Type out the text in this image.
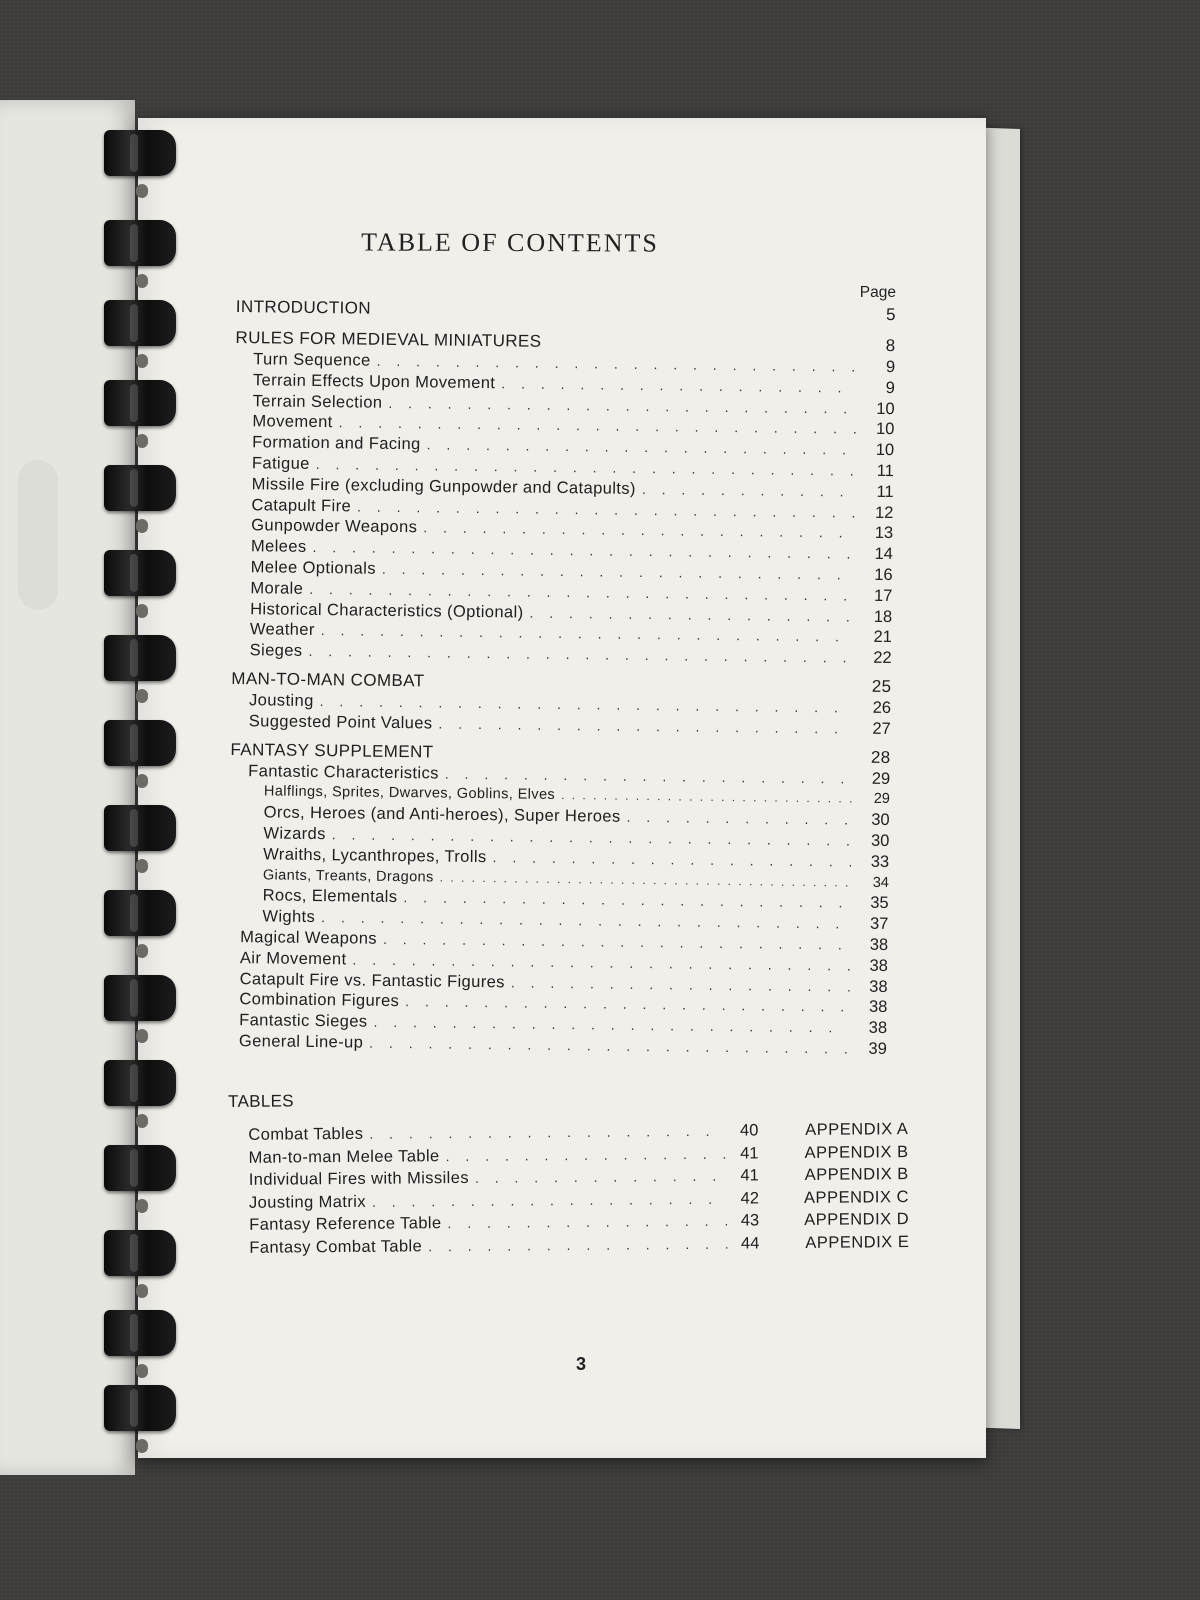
TABLE OF CONTENTS
Page
INTRODUCTION	5
RULES FOR MEDIEVAL MINIATURES	8
Turn Sequence . . .	9
Terrain Effects Upon Movement . . .	9
Terrain Selection . . .	10
Movement . . .	10
Formation and Facing . . .	10
Fatigue . . .	11
Missile Fire (excluding Gunpowder and Catapults) . . .	11
Catapult Fire . . .	12
Gunpowder Weapons . . .	13
Melees . . .	14
Melee Optionals . . .	16
Morale . . .	17
Historical Characteristics (Optional) . . .	18
Weather . . .	21
Sieges . . .	22
MAN-TO-MAN COMBAT	25
Jousting . . .	26
Suggested Point Values . . .	27
FANTASY SUPPLEMENT	28
Fantastic Characteristics . . .	29
Halflings, Sprites, Dwarves, Goblins, Elves . . .	29
Orcs, Heroes (and Anti-heroes), Super Heroes . . .	30
Wizards . . .	30
Wraiths, Lycanthropes, Trolls . . .	33
Giants, Treants, Dragons . . .	34
Rocs, Elementals . . .	35
Wights . . .	37
Magical Weapons . . .	38
Air Movement . . .	38
Catapult Fire vs. Fantastic Figures . . .	38
Combination Figures . . .	38
Fantastic Sieges . . .	38
General Line-up . . .	39
TABLES
Combat Tables . . .	40	APPENDIX A
Man-to-man Melee Table . . .	41	APPENDIX B
Individual Fires with Missiles . . .	41	APPENDIX B
Jousting Matrix . . .	42	APPENDIX C
Fantasy Reference Table . . .	43	APPENDIX D
Fantasy Combat Table . . .	44	APPENDIX E
3
